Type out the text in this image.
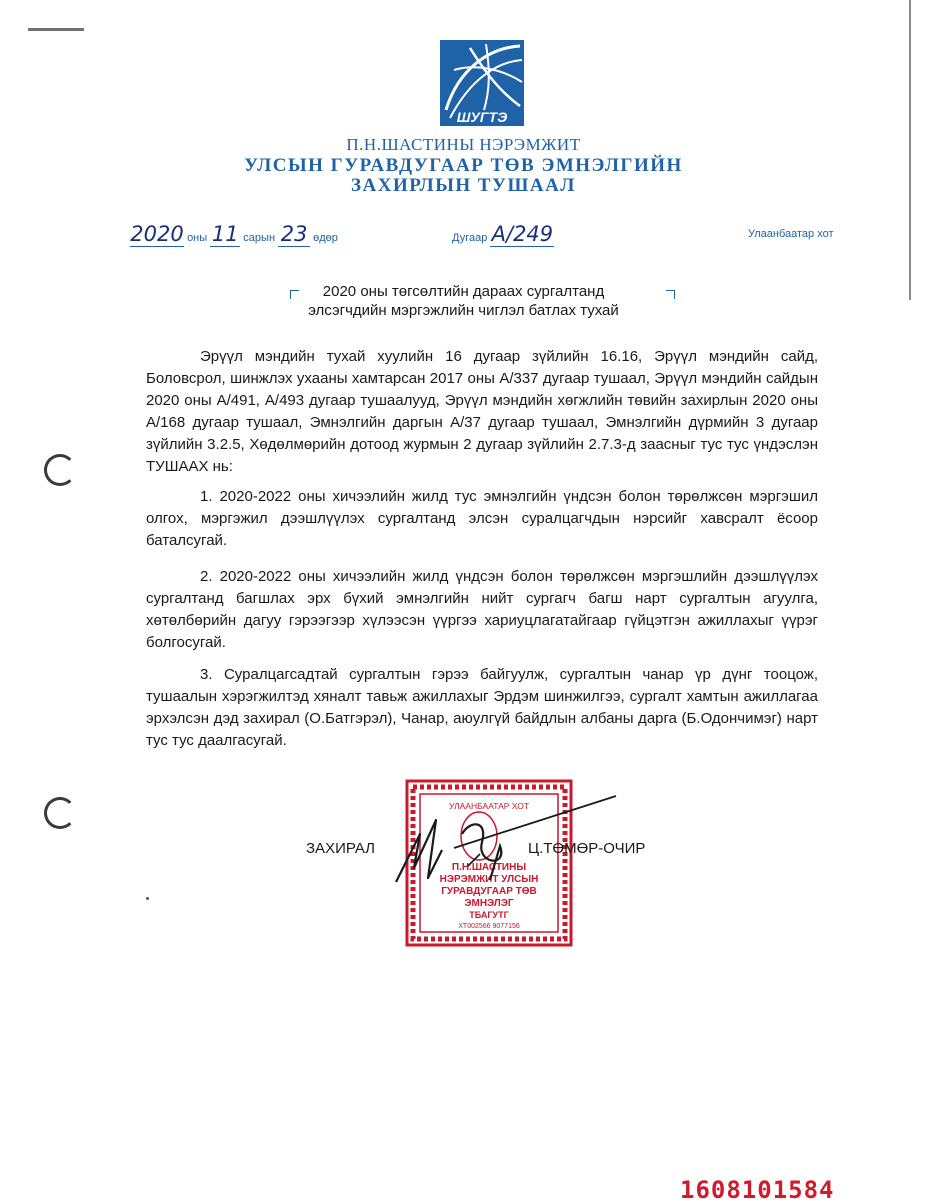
ШУГТЭ
П.Н.ШАСТИНЫ НЭРЭМЖИТ
УЛСЫН ГУРАВДУГААР ТӨВ ЭМНЭЛГИЙН
ЗАХИРЛЫН ТУШААЛ
2020 оны 11 сарын 23 өдөр	Дугаар A/249	Улаанбаатар хот
2020 оны төгсөлтийн дараах сургалтанд
элсэгчдийн мэргэжлийн чиглэл батлах тухай

Эрүүл мэндийн тухай хуулийн 16 дугаар зүйлийн 16.16, Эрүүл мэндийн сайд, Боловсрол, шинжлэх ухааны хамтарсан 2017 оны А/337 дугаар тушаал, Эрүүл мэндийн сайдын 2020 оны А/491, А/493 дугаар тушаалууд, Эрүүл мэндийн хөгжлийн төвийн захирлын 2020 оны А/168 дугаар тушаал, Эмнэлгийн даргын А/37 дугаар тушаал, Эмнэлгийн дүрмийн 3 дугаар зүйлийн 3.2.5, Хөдөлмөрийн дотоод журмын 2 дугаар зүйлийн 2.7.3-д заасныг тус тус үндэслэн ТУШААХ нь:

1. 2020-2022 оны хичээлийн жилд тус эмнэлгийн үндсэн болон төрөлжсөн мэргэшил олгох, мэргэжил дээшлүүлэх сургалтанд элсэн суралцагчдын нэрсийг хавсралт ёсоор баталсугай.

2. 2020-2022 оны хичээлийн жилд үндсэн болон төрөлжсөн мэргэшлийн дээшлүүлэх сургалтанд багшлах эрх бүхий эмнэлгийн нийт сургагч багш нарт сургалтын агуулга, хөтөлбөрийн дагуу гэрээгээр хүлээсэн үүргээ хариуцлагатайгаар гүйцэтгэн ажиллахыг үүрэг болгосугай.

3. Суралцагсадтай сургалтын гэрээ байгуулж, сургалтын чанар үр дүнг тооцож, тушаалын хэрэгжилтэд хяналт тавьж ажиллахыг Эрдэм шинжилгээ, сургалт хамтын ажиллагаа эрхэлсэн дэд захирал (О.Батгэрэл), Чанар, аюулгүй байдлын албаны дарга (Б.Одончимэг) нарт тус тус даалгасугай.

УЛААНБААТАР ХОТ
П.Н.ШАСТИНЫ
НЭРЭМЖИТ УЛСЫН
ГУРАВДУГААР ТӨВ
ЭМНЭЛЭГ
ТБАГУТГ
ХТ002566 9077156
ЗАХИРАЛ	Ц.ТӨМӨР-ОЧИР
1608101584
